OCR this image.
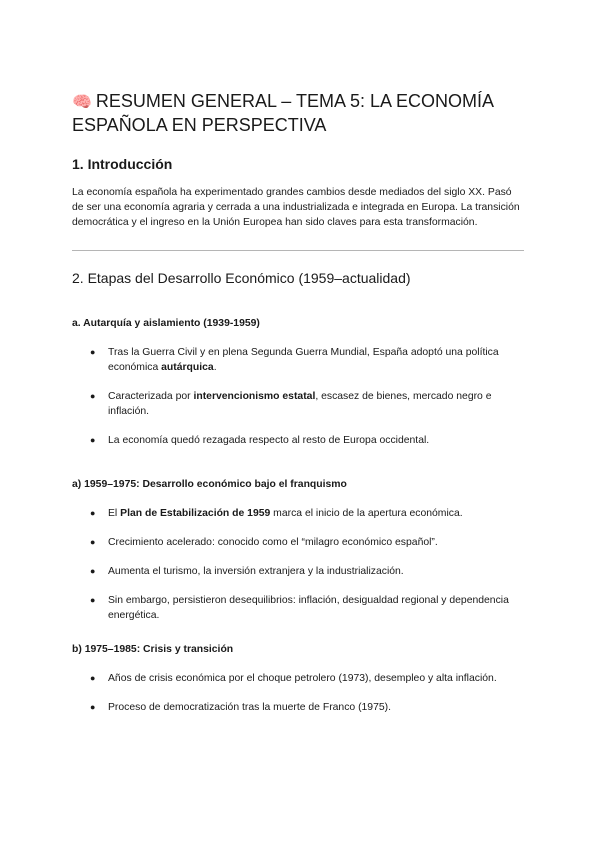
🧠 RESUMEN GENERAL – TEMA 5: LA ECONOMÍA ESPAÑOLA EN PERSPECTIVA
1. Introducción

La economía española ha experimentado grandes cambios desde mediados del siglo XX. Pasó de ser una economía agraria y cerrada a una industrializada e integrada en Europa. La transición democrática y el ingreso en la Unión Europea han sido claves para esta transformación.

2. Etapas del Desarrollo Económico (1959–actualidad)
a. Autarquía y aislamiento (1939-1959)
● Tras la Guerra Civil y en plena Segunda Guerra Mundial, España adoptó una política económica autárquica.
● Caracterizada por intervencionismo estatal, escasez de bienes, mercado negro e inflación.
● La economía quedó rezagada respecto al resto de Europa occidental.
a) 1959–1975: Desarrollo económico bajo el franquismo
● El Plan de Estabilización de 1959 marca el inicio de la apertura económica.
● Crecimiento acelerado: conocido como el “milagro económico español”.
● Aumenta el turismo, la inversión extranjera y la industrialización.
● Sin embargo, persistieron desequilibrios: inflación, desigualdad regional y dependencia energética.
b) 1975–1985: Crisis y transición
● Años de crisis económica por el choque petrolero (1973), desempleo y alta inflación.
● Proceso de democratización tras la muerte de Franco (1975).
